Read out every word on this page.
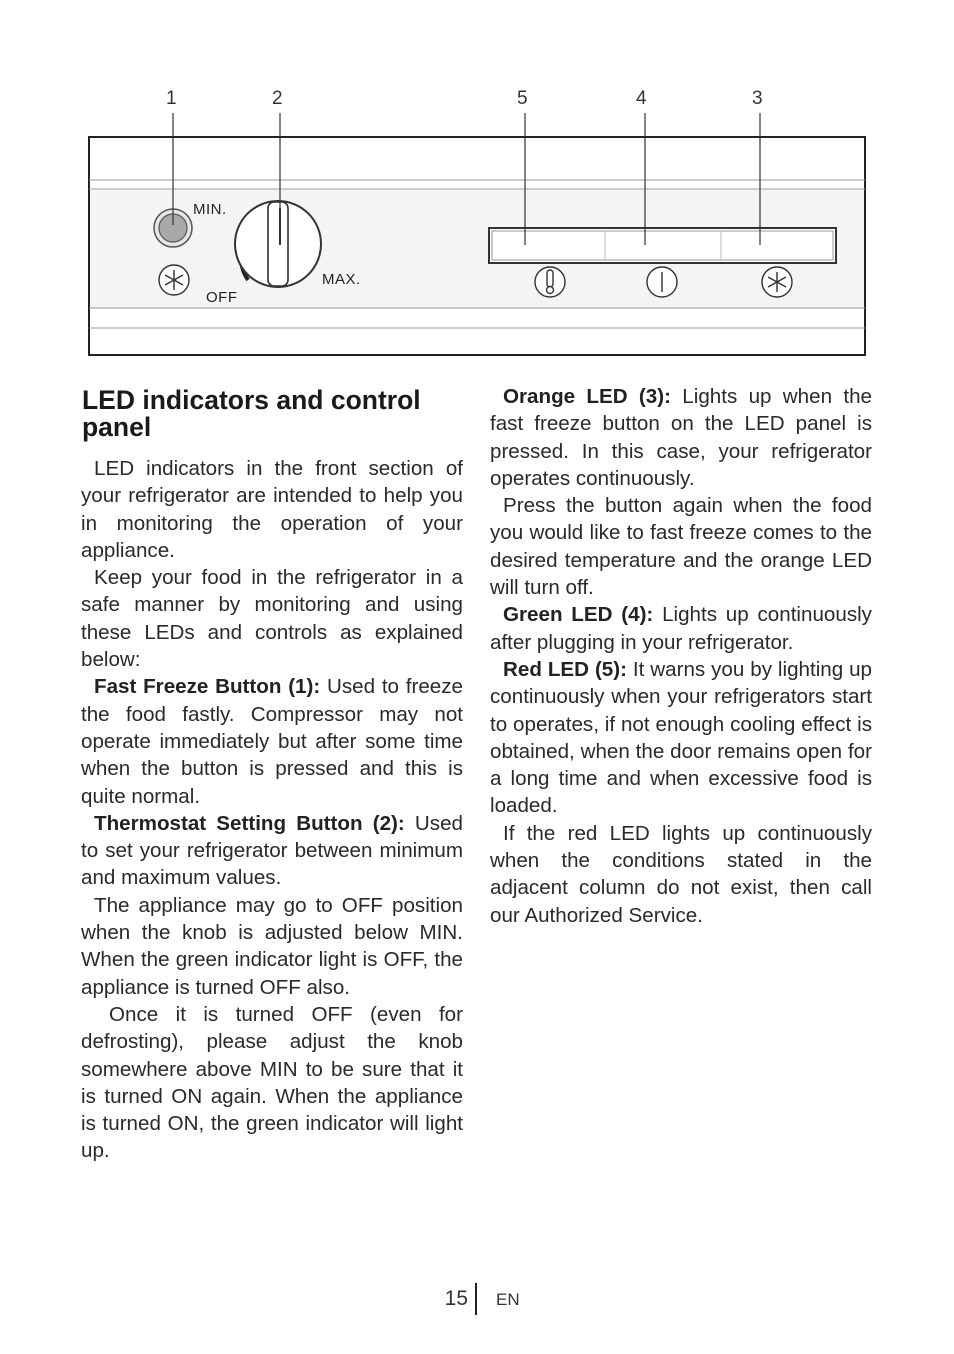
1	2	5	4	3
MIN.
OFF
MAX.
LED indicators and control panel

LED indicators in the front section of your refrigerator are intended to help you in monitoring the operation of your appliance.

Keep your food in the refrigerator in a safe manner by monitoring and using these LEDs and controls as explained below:

Fast Freeze Button (1): Used to freeze the food fastly. Compressor may not operate immediately but after some time when the button is pressed and this is quite normal.

Thermostat Setting Button (2): Used to set your refrigerator between minimum and maximum values.

The appliance may go to OFF position when the knob is adjusted below MIN. When the green indicator light is OFF, the appliance is turned OFF also.

Once it is turned OFF (even for defrosting), please adjust the knob somewhere above MIN to be sure that it is turned ON again. When the appliance is turned ON, the green indicator will light up.

Orange LED (3): Lights up when the fast freeze button on the LED panel is pressed. In this case, your refrigerator operates continuously.

Press the button again when the food you would like to fast freeze comes to the desired temperature and the orange LED will turn off.

Green LED (4): Lights up continuously after plugging in your refrigerator.

Red LED (5): It warns you by lighting up continuously when your refrigerators start to operates, if not enough cooling effect is obtained, when the door remains open for a long time and when excessive food is loaded.

If the red LED lights up continuously when the conditions stated in the adjacent column do not exist, then call our Authorized Service.

15 EN
